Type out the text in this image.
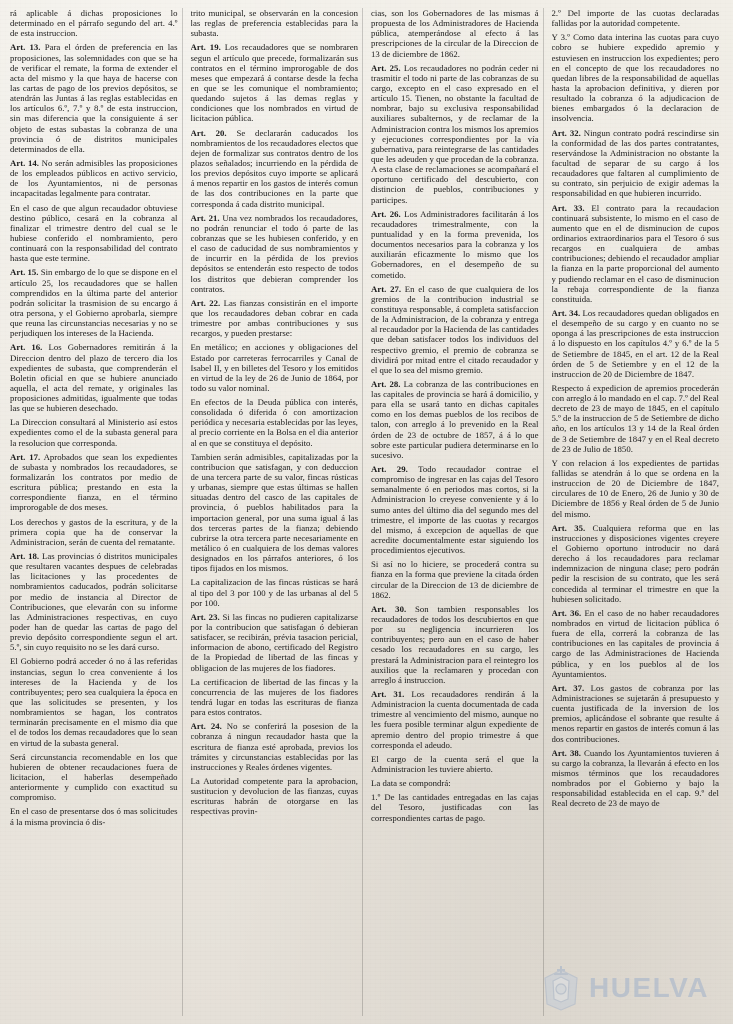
rá aplicable á dichas proposiciones lo determinado en el párrafo segundo del art. 4.º de esta instruccion.

Art. 13. Para el órden de preferencia en las proposiciones, las solemnidades con que se ha de verificar el remate, la forma de extender el acta del mismo y la que haya de hacerse con las cartas de pago de los previos depósitos, se atendrán las Juntas á las reglas establecidas en los artículos 6.º, 7.º y 8.º de esta instruccion, sin mas diferencia que la consiguiente á ser objeto de estas subastas la cobranza de una provincia ó de distritos municipales determinados de ella.

Art. 14. No serán admisibles las proposiciones de los empleados públicos en activo servicio, de los Ayuntamientos, ni de personas incapacitadas legalmente para contratar.

En el caso de que algun recaudador obtuviese destino público, cesará en la cobranza al finalizar el trimestre dentro del cual se le hubiese conferido el nombramiento, pero continuará con la responsabilidad del contrato hasta que este termine.

Art. 15. Sin embargo de lo que se dispone en el artículo 25, los recaudadores que se hallen comprendidos en la última parte del anterior podrán solicitar la trasmision de su encargo á otra persona, y el Gobierno aprobarla, siempre que reuna las circunstancias necesarias y no se perjudiquen los intereses de la Hacienda.

Art. 16. Los Gobernadores remitirán á la Direccion dentro del plazo de tercero dia los expedientes de subasta, que comprenderán el Boletin oficial en que se hubiere anunciado aquella, el acta del remate, y originales las proposiciones admitidas, igualmente que todas las que se hubieren desechado.

La Direccion consultará al Ministerio así estos expedientes como el de la subasta general para la resolucion que corresponda.

Art. 17. Aprobados que sean los expedientes de subasta y nombrados los recaudadores, se formalizarán los contratos por medio de escritura pública; prestando en esta la correspondiente fianza, en el término improrogable de dos meses.

Los derechos y gastos de la escritura, y de la primera copia que ha de conservar la Administracion, serán de cuenta del rematante.

Art. 18. Las provincias ó distritos municipales que resultaren vacantes despues de celebradas las licitaciones y las procedentes de nombramientos caducados, podrán solicitarse por medio de instancia al Director de Contribuciones, que elevarán con su informe las Administraciones respectivas, en cuyo poder han de quedar las cartas de pago del previo depósito correspondiente segun el art. 5.º, sin cuyo requisito no se les dará curso.

El Gobierno podrá acceder ó no á las referidas instancias, segun lo crea conveniente á los intereses de la Hacienda y de los contribuyentes; pero sea cualquiera la época en que las solicitudes se presenten, y los nombramientos se hagan, los contratos terminarán precisamente en el mismo dia que el de todos los demas recaudadores que lo sean en virtud de la subasta general.

Será circunstancia recomendable en los que hubieren de obtener recaudaciones fuera de licitacion, el haberlas desempeñado anteriormente y cumplido con exactitud su compromiso.

En el caso de presentarse dos ó mas solicitudes á la misma provincia ó dis-

trito municipal, se observarán en la concesion las reglas de preferencia establecidas para la subasta.

Art. 19. Los recaudadores que se nombraren segun el artículo que precede, formalizarán sus contratos en el término improrogable de dos meses que empezará á contarse desde la fecha en que se les comunique el nombramiento; quedando sujetos á las demas reglas y condiciones que los nombrados en virtud de licitacion pública.

Art. 20. Se declararán caducados los nombramientos de los recaudadores electos que dejen de formalizar sus contratos dentro de los plazos señalados; incurriendo en la pérdida de los previos depósitos cuyo importe se aplicará á menos repartir en los gastos de interés comun de las dos contribuciones en la parte que corresponda á cada distrito municipal.

Art. 21. Una vez nombrados los recaudadores, no podrán renunciar el todo ó parte de las cobranzas que se les hubiesen conferido, y en el caso de caducidad de sus nombramientos y de incurrir en la pérdida de los previos depósitos se entenderán esto respecto de todos los distritos que debieran comprender los contratos.

Art. 22. Las fianzas consistirán en el importe que los recaudadores deban cobrar en cada trimestre por ambas contribuciones y sus recargos, y pueden prestarse:

En metálico; en acciones y obligaciones del Estado por carreteras ferrocarriles y Canal de Isabel II, y en billetes del Tesoro y los emitidos en virtud de la ley de 26 de Junio de 1864, por todo su valor nominal.

En efectos de la Deuda pública con interés, consolidada ó diferida ó con amortizacion periódica y necesaria establecidas por las leyes, al precio corriente en la Bolsa en el dia anterior al en que se constituya el depósito.

Tambien serán admisibles, capitalizadas por la contribucion que satisfagan, y con deduccion de una tercera parte de su valor, fincas rústicas y urbanas, siempre que estas últimas se hallen situadas dentro del casco de las capitales de provincia, ó pueblos habilitados para la importacion general, por una suma igual á las dos terceras partes de la fianza; debiendo cubrirse la otra tercera parte necesariamente en metálico ó en cualquiera de los demas valores designados en los párrafos anteriores, ó los tipos fijados en los mismos.

La capitalizacion de las fincas rústicas se hará al tipo del 3 por 100 y de las urbanas al del 5 por 100.

Art. 23. Si las fincas no pudieren capitalizarse por la contribucion que satisfagan ó debieran satisfacer, se recibirán, prévia tasacion pericial, informacion de abono, certificado del Registro de la Propiedad de libertad de las fincas y obligacion de las mujeres de los fiadores.

La certificacion de libertad de las fincas y la concurrencia de las mujeres de los fiadores tendrá lugar en todas las escrituras de fianza para estos contratos.

Art. 24. No se conferirá la posesion de la cobranza á ningun recaudador hasta que la escritura de fianza esté aprobada, previos los trámites y circunstancias establecidas por las instrucciones y Reales órdenes vigentes.

La Autoridad competente para la aprobacion, sustitucion y devolucion de las fianzas, cuyas escrituras habrán de otorgarse en las respectivas provin-

cias, son los Gobernadores de las mismas á propuesta de los Administradores de Hacienda pública, atemperándose al efecto á las prescripciones de la circular de la Direccion de 13 de diciembre de 1862.

Art. 25. Los recaudadores no podrán ceder ni trasmitir el todo ni parte de las cobranzas de su cargo, excepto en el caso expresado en el artículo 15. Tienen, no obstante la facultad de nombrar, bajo su exclusiva responsabilidad auxiliares subalternos, y de reclamar de la Administracion contra los mismos los apremios y ejecuciones correspondientes por la vía gubernativa, para reintegrarse de las cantidades que les adeuden y que procedan de la cobranza. A esta clase de reclamaciones se acompañará el oportuno certificado del descubierto, con distincion de pueblos, contribuciones y participes.

Art. 26. Los Administradores facilitarán á los recaudadores trimestralmente, con la puntualidad y en la forma prevenida, los documentos necesarios para la cobranza y los auxiliarán eficazmente lo mismo que los Gobernadores, en el desempeño de su cometido.

Art. 27. En el caso de que cualquiera de los gremios de la contribucion industrial se constituya responsable, á completa satisfaccion de la Administracion, de la cobranza y entrega al recaudador por la Hacienda de las cantidades que deban satisfacer todos los individuos del respectivo gremio, el premio de cobranza se dividirá por mitad entre el citado recaudador y el que lo sea del mismo gremio.

Art. 28. La cobranza de las contribuciones en las capitales de provincia se hará á domicilio, y para ella se usará tanto en dichas capitales como en los demas pueblos de los recibos de talon, con arreglo á lo prevenido en la Real órden de 23 de octubre de 1857, á á lo que sobre este particular pudiera determinarse en lo sucesivo.

Art. 29. Todo recaudador contrae el compromiso de ingresar en las cajas del Tesoro semanalmente ó en periodos mas cortos, si la Administracion lo creyese conveniente y á lo sumo antes del último dia del segundo mes del trimestre, el importe de las cuotas y recargos del mismo, á excepcion de aquellas de que acredite documentalmente estar siguiendo los procedimientos ejecutivos.

Si así no lo hiciere, se procederá contra su fianza en la forma que previene la citada órden circular de la Direccion de 13 de diciembre de 1862.

Art. 30. Son tambien responsables los recaudadores de todos los descubiertos en que por su negligencia incurrieren los contribuyentes; pero aun en el caso de haber cesado los recaudadores en su cargo, les prestará la Administracion para el reintegro los auxilios que la reclamaren y procedan con arreglo á instruccion.

Art. 31. Los recaudadores rendirán á la Administracion la cuenta documentada de cada trimestre al vencimiento del mismo, aunque no les fuera posible terminar algun expediente de apremio dentro del propio trimestre á que corresponda el adeudo.

El cargo de la cuenta será el que la Administracion les tuviere abierto.

La data se compondrá:

1.º De las cantidades entregadas en las cajas del Tesoro, justificadas con las correspondientes cartas de pago.

2.º Del importe de las cuotas declaradas fallidas por la autoridad competente.

Y 3.º Como data interina las cuotas para cuyo cobro se hubiere expedido apremio y estuviesen en instruccion los expedientes; pero en el concepto de que los recaudadores no quedan libres de la responsabilidad de aquellas hasta la aprobacion definitiva, y dieren por resultado la cobranza ó la adjudicacion de bienes embargados ó la declaracion de insolvencia.

Art. 32. Ningun contrato podrá rescindirse sin la conformidad de las dos partes contratantes, reservándose la Administracion no obstante la facultad de separar de su cargo á los recaudadores que faltaren al cumplimiento de su contrato, sin perjuicio de exigir ademas la responsabilidad en que hubieren incurrido.

Art. 33. El contrato para la recaudacion continuará subsistente, lo mismo en el caso de aumento que en el de disminucion de cupos ordinarios extraordinarios para el Tesoro ó sus recargos en cualquiera de ambas contribuciones; debiendo el recaudador ampliar la fianza en la parte proporcional del aumento y pudiendo reclamar en el caso de disminucion la rebaja correspondiente de la fianza constituida.

Art. 34. Los recaudadores quedan obligados en el desempeño de su cargo y en cuanto no se oponga á las prescripciones de esta instruccion á lo dispuesto en los capítulos 4.º y 6.º de la 5 de Setiembre de 1845, en el art. 12 de la Real órden de 5 de Setiembre y en el 12 de la instruccion de 20 de Diciembre de 1847.

Respecto á expedicion de apremios procederán con arreglo á lo mandado en el cap. 7.º del Real decreto de 23 de mayo de 1845, en el capítulo 5.º de la instruccion de 5 de Setiembre de dicho año, en los artículos 13 y 14 de la Real órden de 3 de Setiembre de 1847 y en el Real decreto de 23 de Julio de 1850.

Y con relacion á los expedientes de partidas fallidas se atendrán á lo que se ordena en la instruccion de 20 de Diciembre de 1847, circulares de 10 de Enero, 26 de Junio y 30 de Diciembre de 1856 y Real órden de 5 de Junio del mismo.

Art. 35. Cualquiera reforma que en las instrucciones y disposiciones vigentes creyere el Gobierno oportuno introducir no dará derecho á los recaudadores para reclamar indemnizacion de ninguna clase; pero podrán pedir la rescision de su contrato, que les será concedida al terminar el trimestre en que la hubiesen solicitado.

Art. 36. En el caso de no haber recaudadores nombrados en virtud de licitacion pública ó fuera de ella, correrá la cobranza de las contribuciones en las capitales de provincia á cargo de las Administraciones de Hacienda pública, y en los pueblos al de los Ayuntamientos.

Art. 37. Los gastos de cobranza por las Administraciones se sujetarán á presupuesto y cuenta justificada de la inversion de los premios, aplicándose el sobrante que resulte á menos repartir en gastos de interés comun á las dos contribuciones.

Art. 38. Cuando los Ayuntamientos tuvieren á su cargo la cobranza, la llevarán á efecto en los mismos términos que los recaudadores nombrados por el Gobierno y bajo la responsabilidad establecida en el cap. 9.º del Real decreto de 23 de mayo de

HUELVA
